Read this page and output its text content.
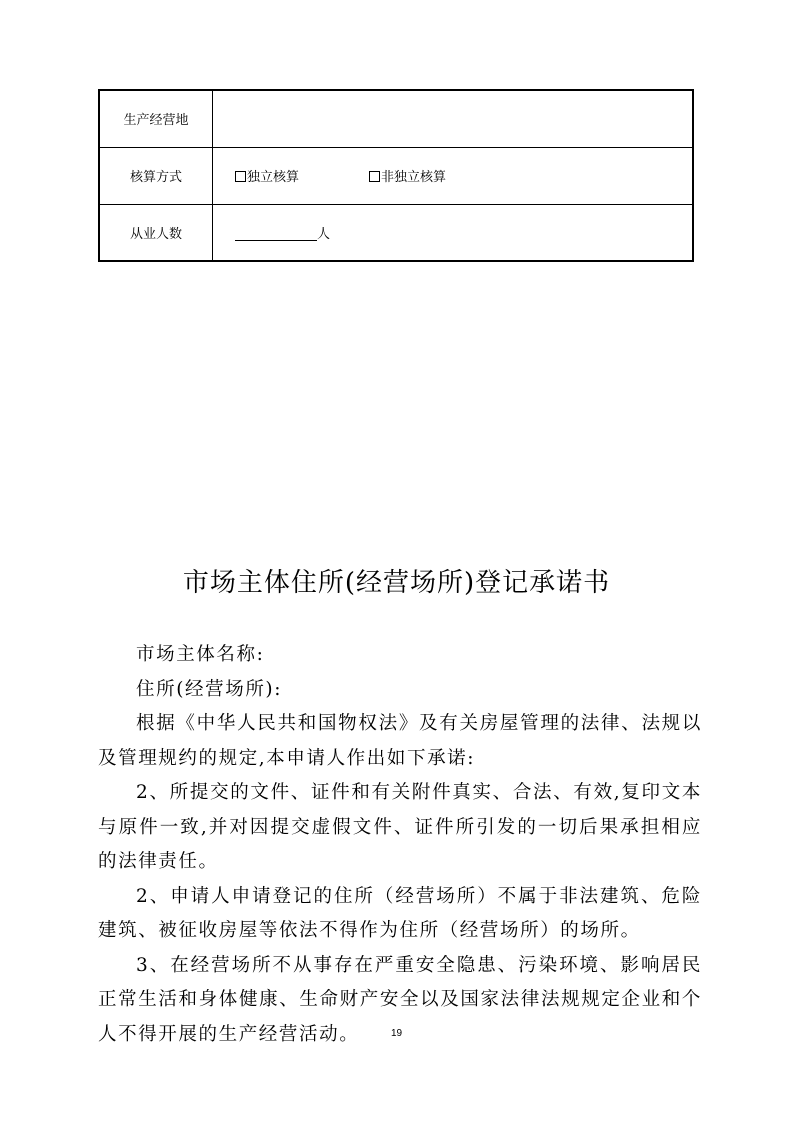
生产经营地	
核算方式	独立核算 非独立核算
从业人数	人
市场主体住所(经营场所)登记承诺书

市场主体名称:

住所(经营场所):

根据《中华人民共和国物权法》及有关房屋管理的法律、法规以及管理规约的规定,本申请人作出如下承诺:

2、所提交的文件、证件和有关附件真实、合法、有效,复印文本与原件一致,并对因提交虚假文件、证件所引发的一切后果承担相应的法律责任。

2、申请人申请登记的住所（经营场所）不属于非法建筑、危险建筑、被征收房屋等依法不得作为住所（经营场所）的场所。

3、在经营场所不从事存在严重安全隐患、污染环境、影响居民正常生活和身体健康、生命财产安全以及国家法律法规规定企业和个人不得开展的生产经营活动。	19
